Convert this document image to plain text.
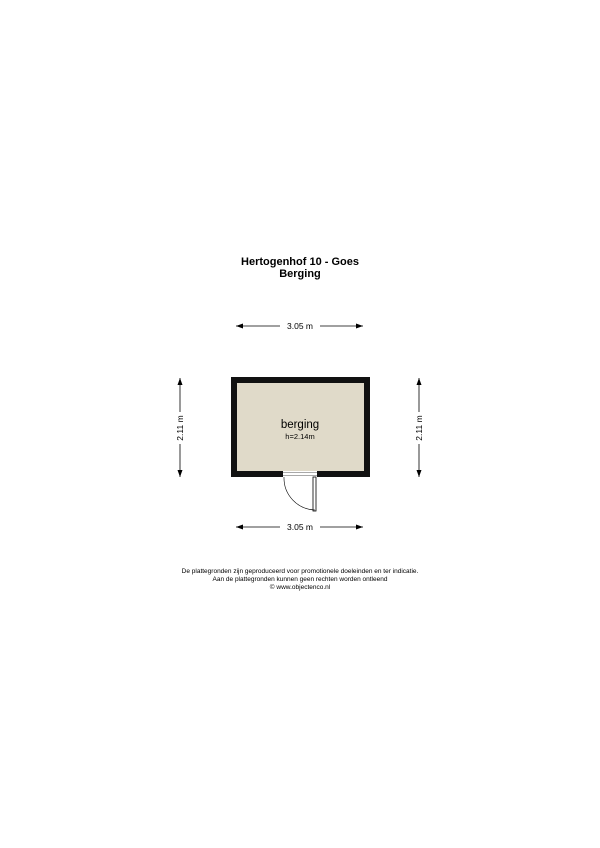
Hertogenhof 10 - Goes
Berging
3.05 m
3.05 m
2.11 m	2.11 m
berging
h=2.14m
De plattegronden zijn geproduceerd voor promotionele doeleinden en ter indicatie.
Aan de plattegronden kunnen geen rechten worden ontleend
© www.objectenco.nl
